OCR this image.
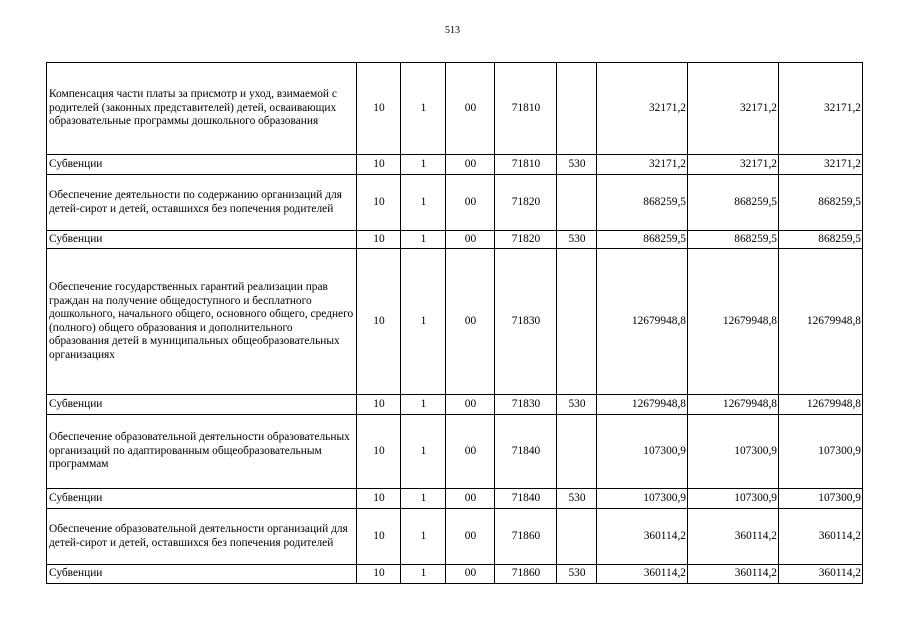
513
Компенсация части платы за присмотр и уход, взимаемой с родителей (законных представителей) детей, осваивающих образовательные программы дошкольного образования	10	1	00	71810		32171,2	32171,2	32171,2
Субвенции	10	1	00	71810	530	32171,2	32171,2	32171,2
Обеспечение деятельности по содержанию организаций для детей-сирот и детей, оставшихся без попечения родителей	10	1	00	71820		868259,5	868259,5	868259,5
Субвенции	10	1	00	71820	530	868259,5	868259,5	868259,5
Обеспечение государственных гарантий реализации прав граждан на получение общедоступного и бесплатного дошкольного, начального общего, основного общего, среднего (полного) общего образования и дополнительного образования детей в муниципальных общеобразовательных организациях	10	1	00	71830		12679948,8	12679948,8	12679948,8
Субвенции	10	1	00	71830	530	12679948,8	12679948,8	12679948,8
Обеспечение образовательной деятельности образовательных организаций по адаптированным общеобразовательным программам	10	1	00	71840		107300,9	107300,9	107300,9
Субвенции	10	1	00	71840	530	107300,9	107300,9	107300,9
Обеспечение образовательной деятельности организаций для детей-сирот и детей, оставшихся без попечения родителей	10	1	00	71860		360114,2	360114,2	360114,2
Субвенции	10	1	00	71860	530	360114,2	360114,2	360114,2
